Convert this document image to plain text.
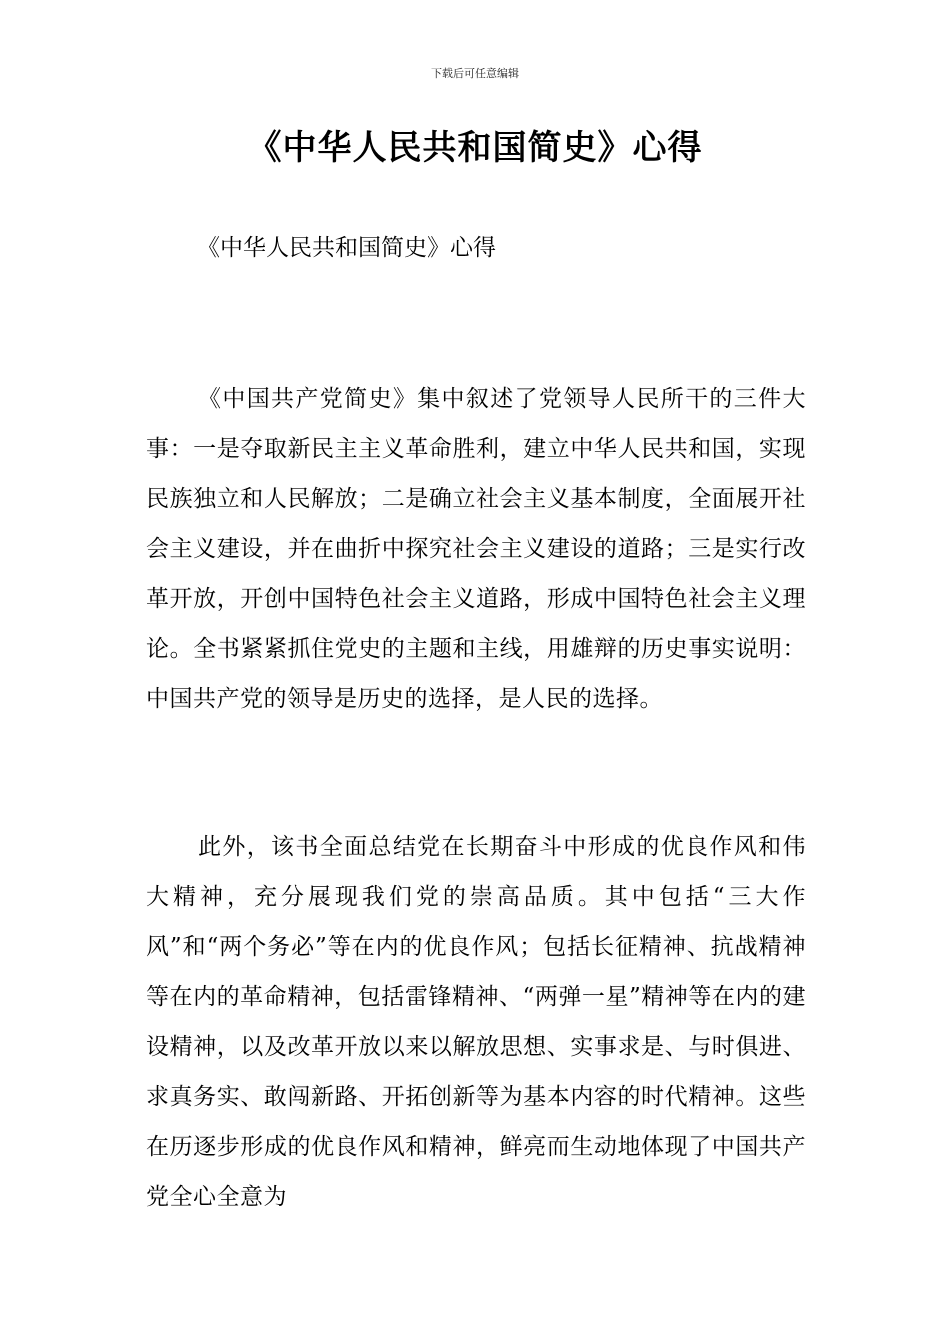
下载后可任意编辑
《中华人民共和国简史》心得

《中华人民共和国简史》心得

《中国共产党简史》集中叙述了党领导人民所干的三件大事：一是夺取新民主主义革命胜利，建立中华人民共和国，实现民族独立和人民解放；二是确立社会主义基本制度，全面展开社会主义建设，并在曲折中探究社会主义建设的道路；三是实行改革开放，开创中国特色社会主义道路，形成中国特色社会主义理论。全书紧紧抓住党史的主题和主线，用雄辩的历史事实说明：中国共产党的领导是历史的选择，是人民的选择。

此外，该书全面总结党在长期奋斗中形成的优良作风和伟大精神，充分展现我们党的崇高品质。其中包括“三大作风”和“两个务必”等在内的优良作风；包括长征精神、抗战精神等在内的革命精神，包括雷锋精神、“两弹一星”精神等在内的建设精神，以及改革开放以来以解放思想、实事求是、与时俱进、求真务实、敢闯新路、开拓创新等为基本内容的时代精神。这些在历逐步形成的优良作风和精神，鲜亮而生动地体现了中国共产党全心全意为
